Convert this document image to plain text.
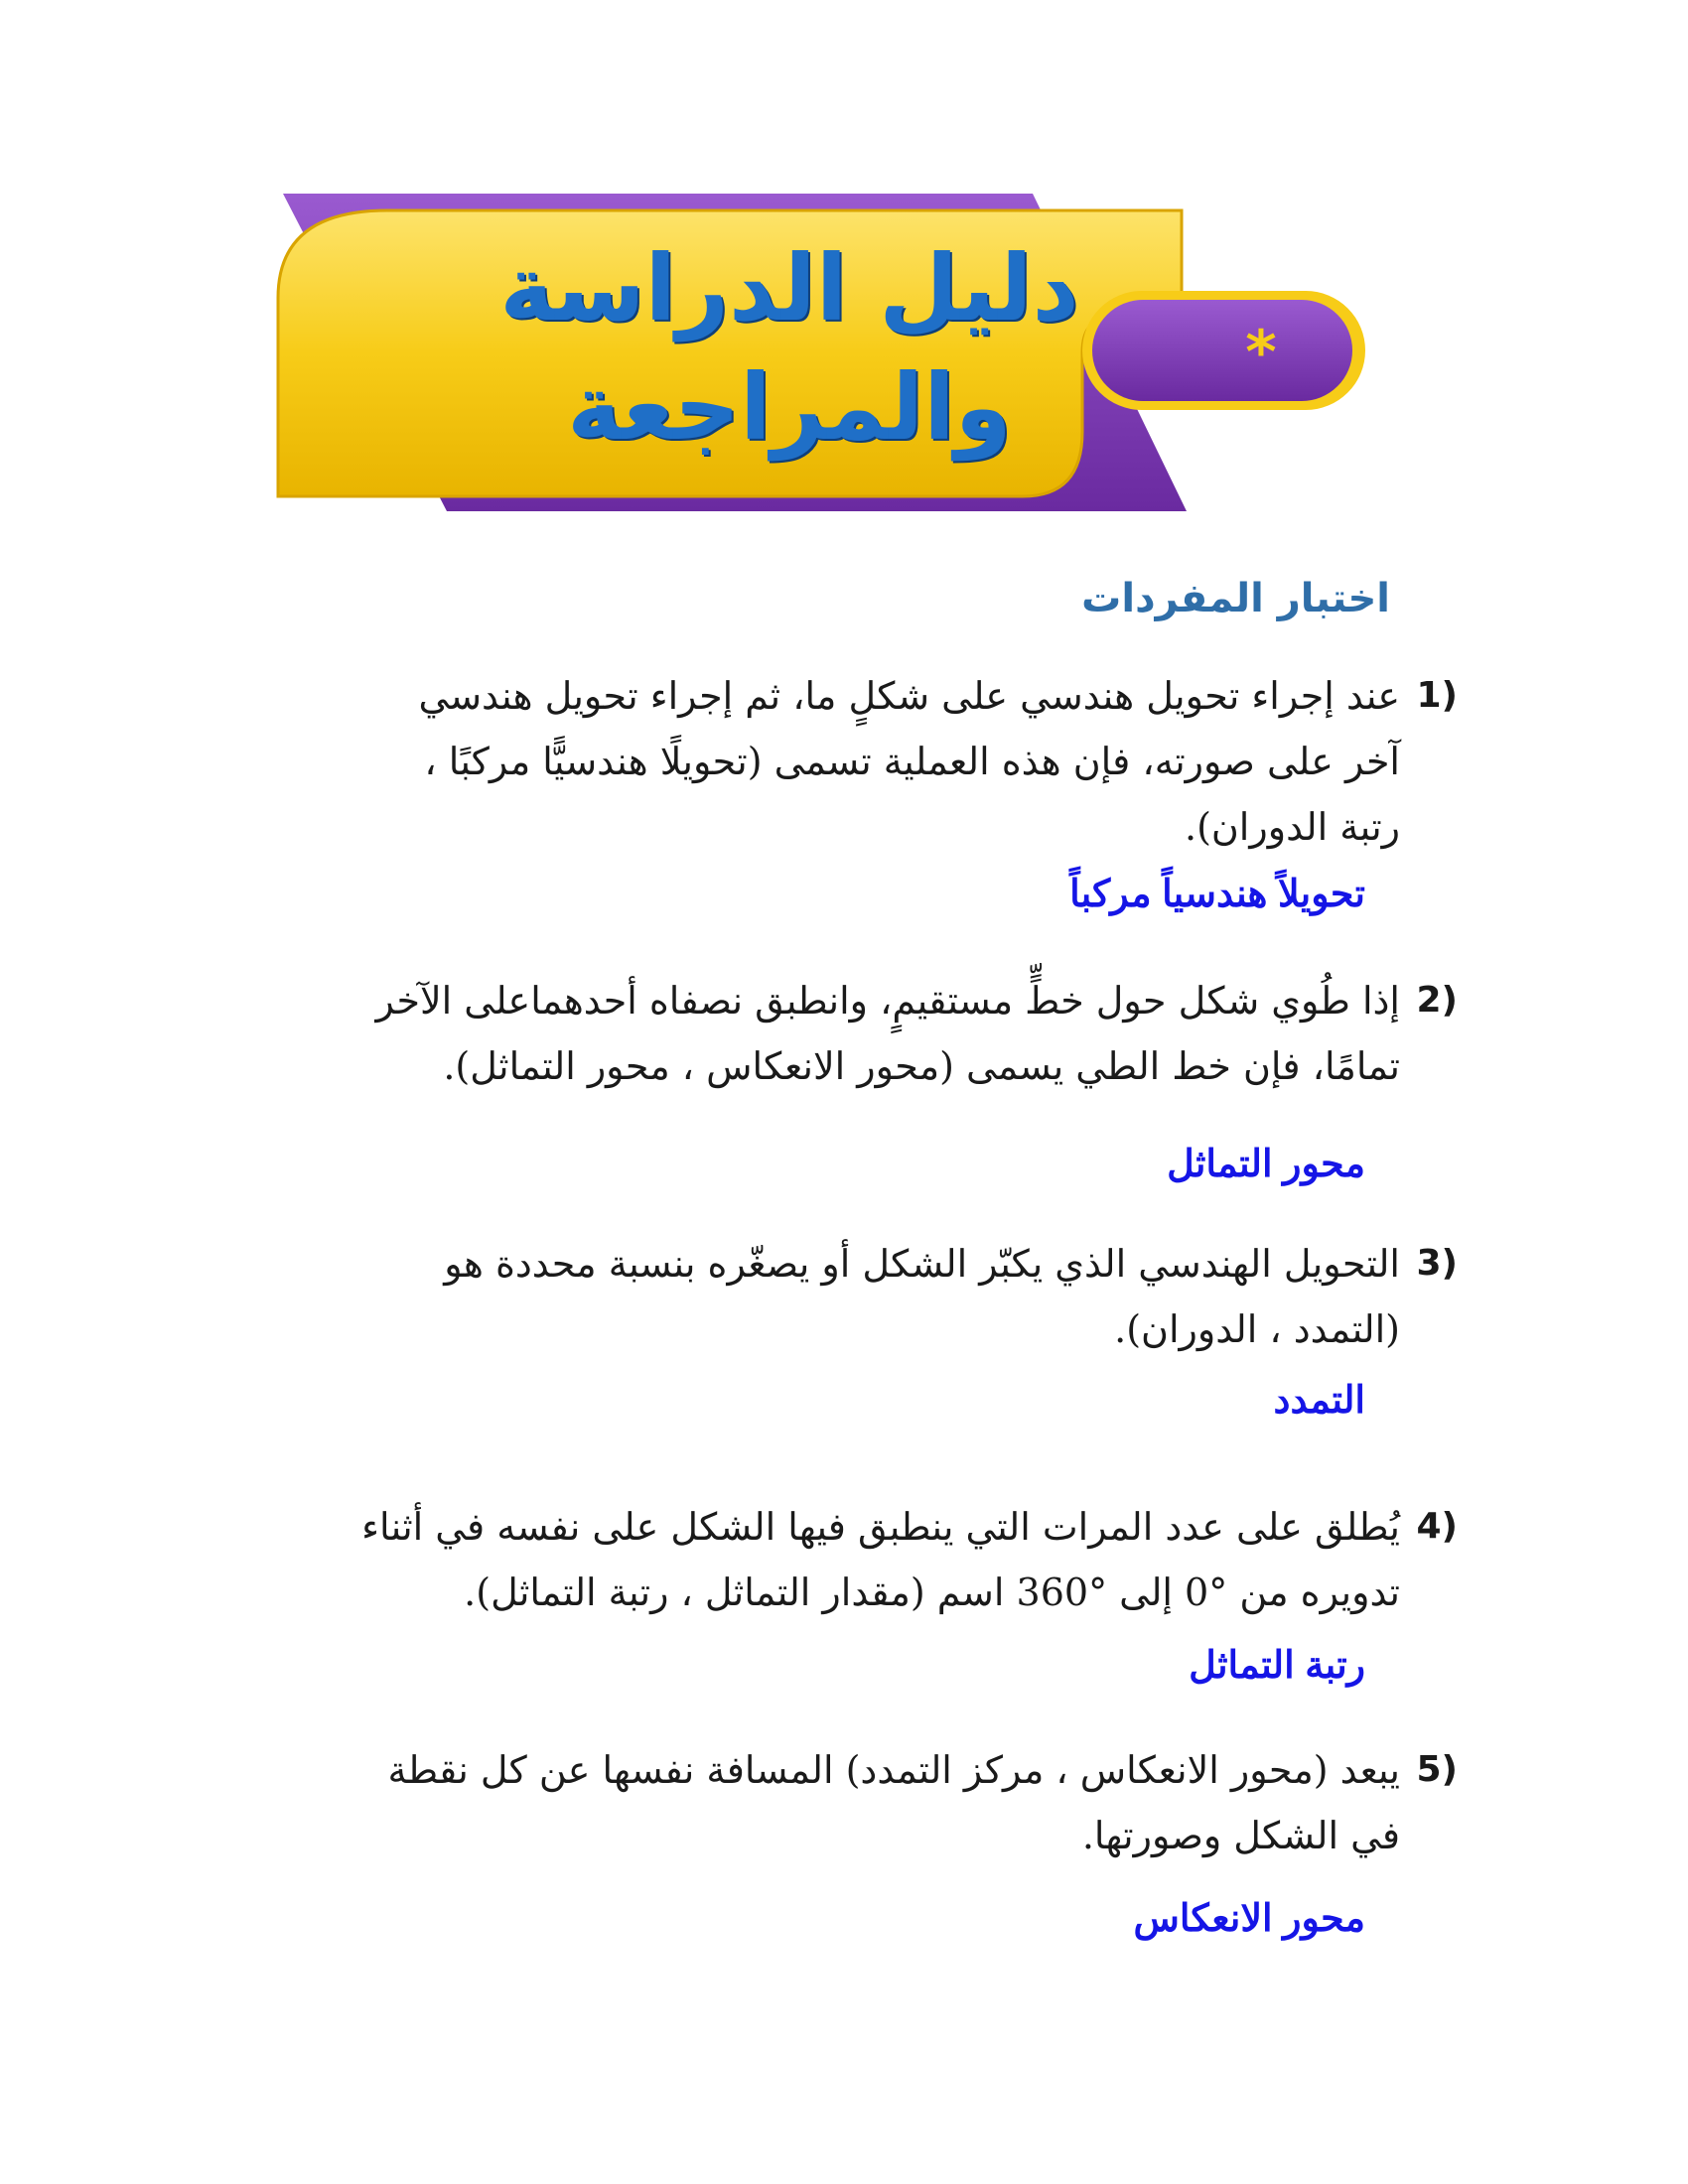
دليل الدراسة
والمراجعة
*
اختبار المفردات
1)
عند إجراء تحويل هندسي على شكلٍ ما، ثم إجراء تحويل هندسي آخر على صورته، فإن هذه العملية تسمى (تحويلًا هندسيًّا مركبًا ، رتبة الدوران).
تحويلاً هندسياً مركباً
2)
إذا طُوي شكل حول خطٍّ مستقيمٍ، وانطبق نصفاه أحدهماعلى الآخر تمامًا، فإن خط الطي يسمى (محور الانعكاس ، محور التماثل).
محور التماثل
3)
التحويل الهندسي الذي يكبّر الشكل أو يصغّره بنسبة محددة هو (التمدد ، الدوران).
التمدد
4)
يُطلق على عدد المرات التي ينطبق فيها الشكل على نفسه في أثناء تدويره من °0 إلى °360 اسم (مقدار التماثل ، رتبة التماثل).
رتبة التماثل
5)
يبعد (محور الانعكاس ، مركز التمدد) المسافة نفسها عن كل نقطة في الشكل وصورتها.
محور الانعكاس
